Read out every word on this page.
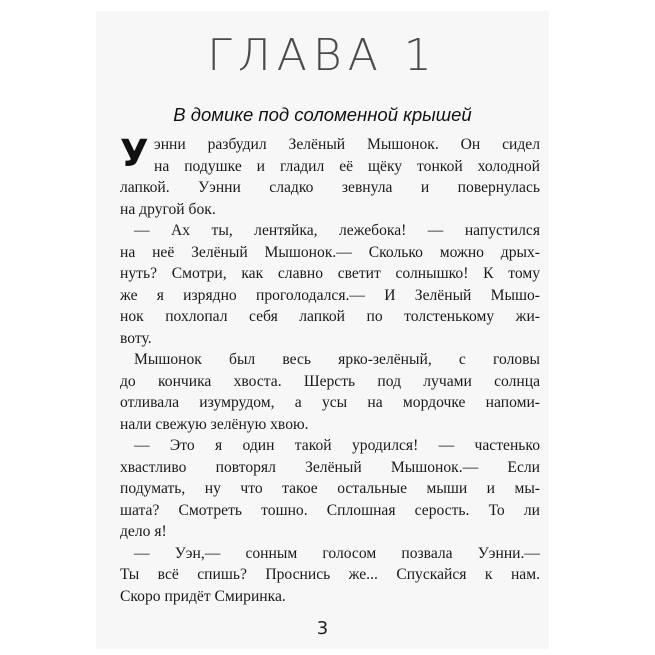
ГЛАВА 1
В домике под соломенной крышей
У энни разбудил Зелёный Мышонок. Он сидел
на подушке и гладил её щёку тонкой холодной
лапкой. Уэнни сладко зевнула и повернулась
на другой бок.
— Ах ты, лентяйка, лежебока! — напустился
на неё Зелёный Мышонок.— Сколько можно дрых-
нуть? Смотри, как славно светит солнышко! К тому
же я изрядно проголодался.— И Зелёный Мышо-
нок похлопал себя лапкой по толстенькому жи-
воту.
Мышонок был весь ярко-зелёный, с головы
до кончика хвоста. Шерсть под лучами солнца
отливала изумрудом, а усы на мордочке напоми-
нали свежую зелёную хвою.
— Это я один такой уродился! — частенько
хвастливо повторял Зелёный Мышонок.— Если
подумать, ну что такое остальные мыши и мы-
шата? Смотреть тошно. Сплошная серость. То ли
дело я!
— Уэн,— сонным голосом позвала Уэнни.—
Ты всё спишь? Проснись же... Спускайся к нам.
Скоро придёт Смиринка.
3
